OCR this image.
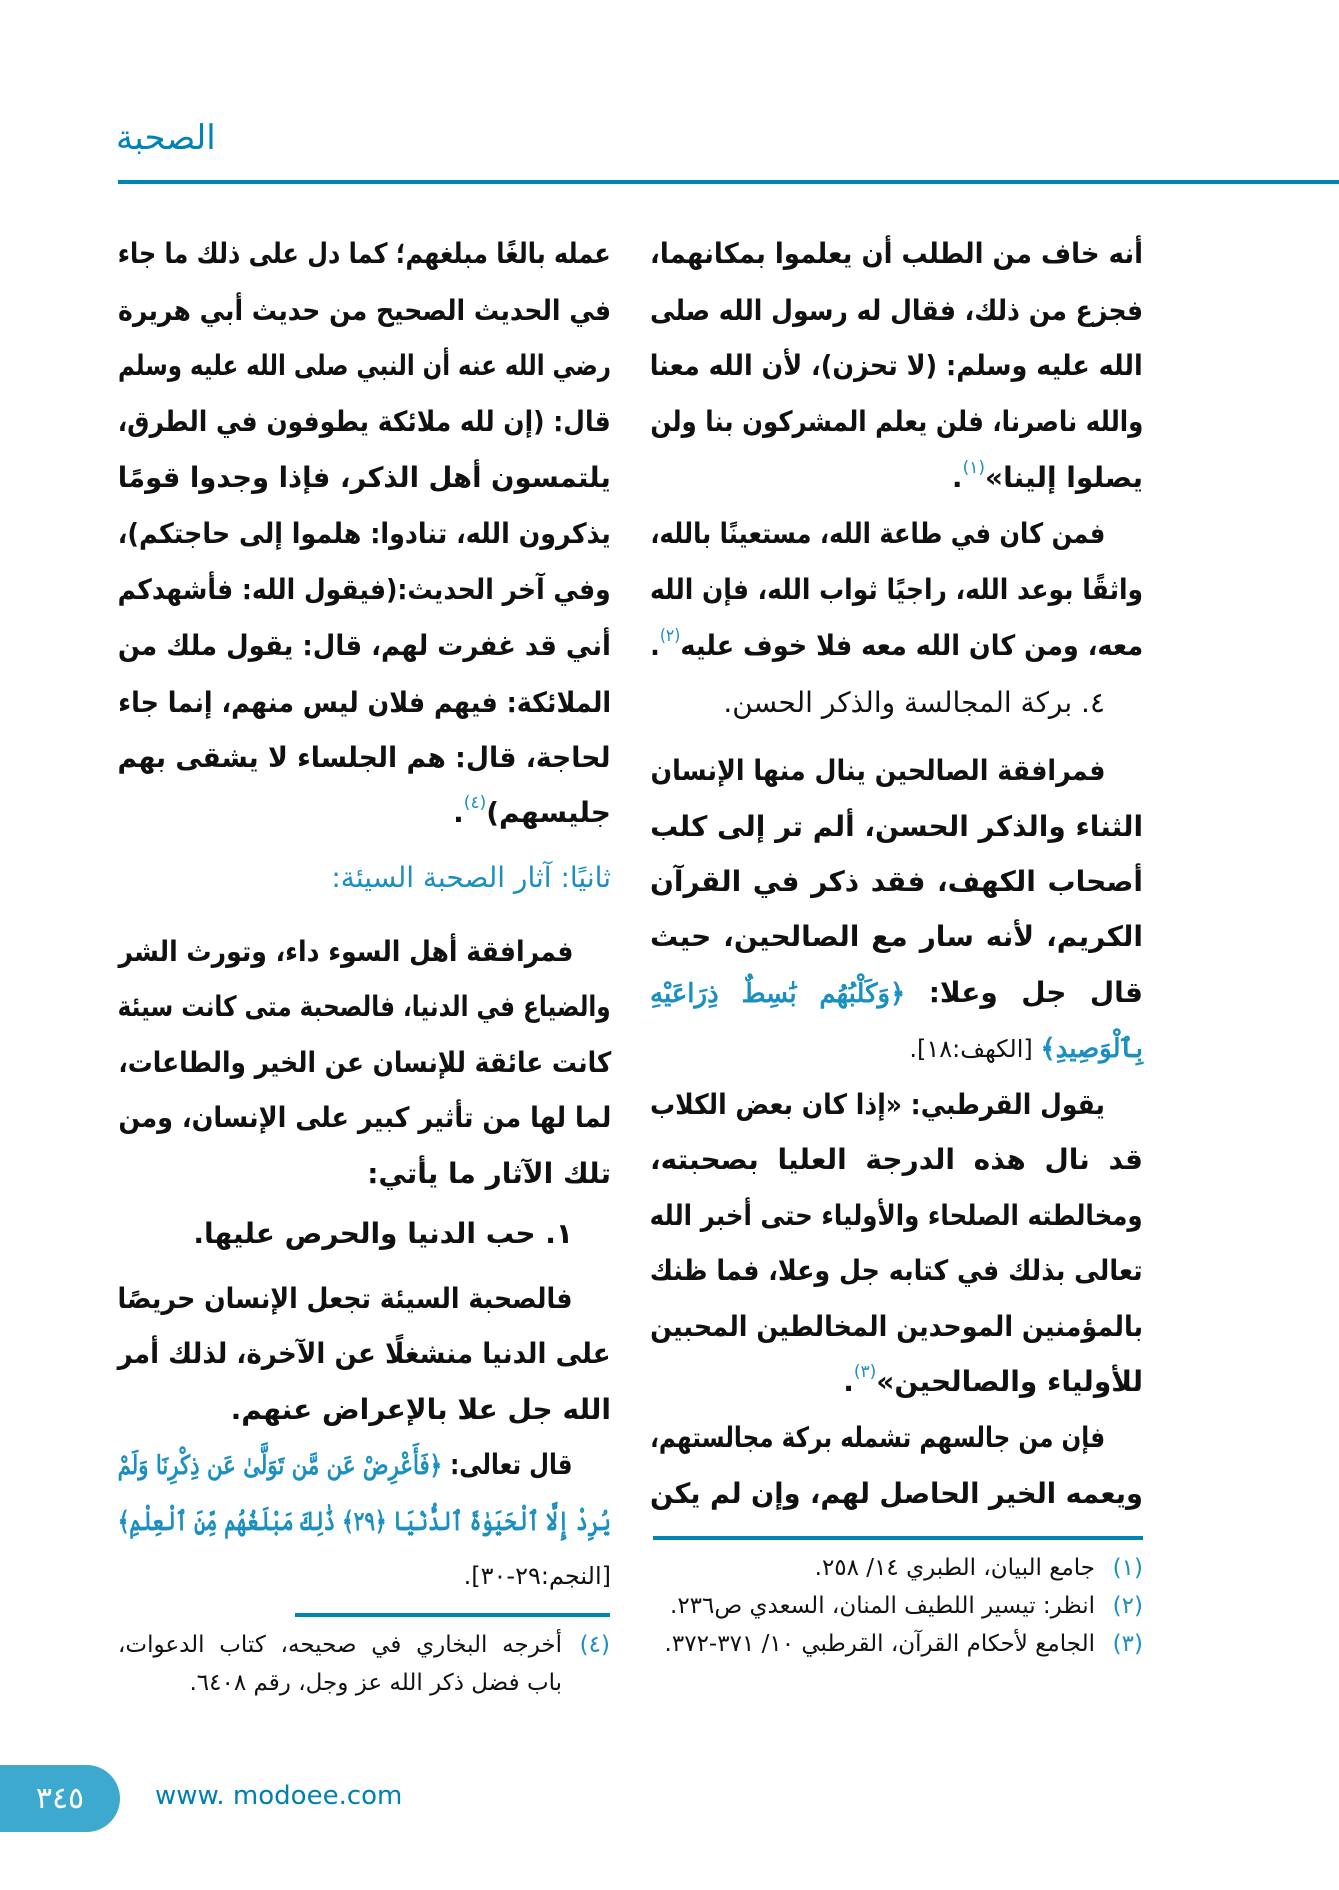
الصحبة
أنه خاف من الطلب أن يعلموا بمكانهما،
فجزع من ذلك، فقال له رسول الله صلى
الله عليه وسلم: (لا تحزن)، لأن الله معنا
والله ناصرنا، فلن يعلم المشركون بنا ولن
يصلوا إلينا»$^{(١)}$.
فمن كان في طاعة الله، مستعينًا بالله،
واثقًا بوعد الله، راجيًا ثواب الله، فإن الله
معه، ومن كان الله معه فلا خوف عليه$^{(٢)}$.
٤. بركة المجالسة والذكر الحسن.
فمرافقة الصالحين ينال منها الإنسان
الثناء والذكر الحسن، ألم تر إلى كلب
أصحاب الكهف، فقد ذكر في القرآن
الكريم، لأنه سار مع الصالحين، حيث
قال جل وعلا: ﴿وَكَلْبُهُم بَٰسِطٌ ذِرَاعَيْهِ
بِٱلْوَصِيدِ﴾ [الكهف:١٨].
يقول القرطبي: «إذا كان بعض الكلاب
قد نال هذه الدرجة العليا بصحبته،
ومخالطته الصلحاء والأولياء حتى أخبر الله
تعالى بذلك في كتابه جل وعلا، فما ظنك
بالمؤمنين الموحدين المخالطين المحبين
للأولياء والصالحين»$^{(٣)}$.
فإن من جالسهم تشمله بركة مجالستهم،
ويعمه الخير الحاصل لهم، وإن لم يكن
عمله بالغًا مبلغهم؛ كما دل على ذلك ما جاء
في الحديث الصحيح من حديث أبي هريرة
رضي الله عنه أن النبي صلى الله عليه وسلم
قال: (إن لله ملائكة يطوفون في الطرق،
يلتمسون أهل الذكر، فإذا وجدوا قومًا
يذكرون الله، تنادوا: هلموا إلى حاجتكم)،
وفي آخر الحديث:(فيقول الله: فأشهدكم
أني قد غفرت لهم، قال: يقول ملك من
الملائكة: فيهم فلان ليس منهم، إنما جاء
لحاجة، قال: هم الجلساء لا يشقى بهم
جليسهم)$^{(٤)}$.
ثانيًا: آثار الصحبة السيئة:
فمرافقة أهل السوء داء، وتورث الشر
والضياع في الدنيا، فالصحبة متى كانت سيئة
كانت عائقة للإنسان عن الخير والطاعات،
لما لها من تأثير كبير على الإنسان، ومن
تلك الآثار ما يأتي:
١. حب الدنيا والحرص عليها.
فالصحبة السيئة تجعل الإنسان حريصًا
على الدنيا منشغلًا عن الآخرة، لذلك أمر
الله جل علا بالإعراض عنهم.
قال تعالى: ﴿فَأَعْرِضْ عَن مَّن تَوَلَّىٰ عَن ذِكْرِنَا وَلَمْ
يُرِدْ إِلَّا ٱلْحَيَوٰةَ ٱلدُّنْيَا ﴿٢٩﴾ ذَٰلِكَ مَبْلَغُهُم مِّنَ ٱلْعِلْمِ﴾
[النجم:٢٩-٣٠].
٣٤٥	www. modoee.com
(١)
جامع البيان، الطبري ١٤/ ٢٥٨.
(٢)
انظر: تيسير اللطيف المنان، السعدي ص٢٣٦.
(٣)
الجامع لأحكام القرآن، القرطبي ١٠/ ٣٧١-٣٧٢.
(٤)
أخرجه البخاري في صحيحه، كتاب الدعوات، باب فضل ذكر الله عز وجل، رقم ٦٤٠٨.
